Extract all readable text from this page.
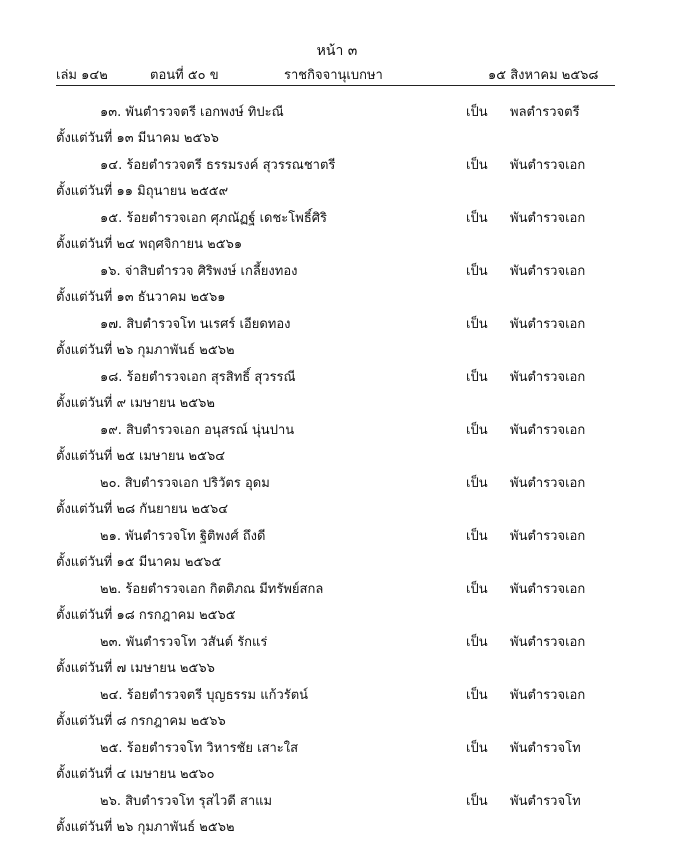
หน้า ๓
เล่ม ๑๔๒	ตอนที่ ๕๐ ข	ราชกิจจานุเบกษา	๑๕ สิงหาคม ๒๕๖๘
๑๓. พันตำรวจตรี เอกพงษ์ ทิปะณี	เป็น พลตำรวจตรี
ตั้งแต่วันที่ ๑๓ มีนาคม ๒๕๖๖
๑๔. ร้อยตำรวจตรี ธรรมรงค์ สุวรรณชาตรี	เป็น พันตำรวจเอก
ตั้งแต่วันที่ ๑๑ มิถุนายน ๒๕๕๙
๑๕. ร้อยตำรวจเอก ศุภณัฏฐ์ เดชะโพธิ์ศิริ	เป็น พันตำรวจเอก
ตั้งแต่วันที่ ๒๔ พฤศจิกายน ๒๕๖๑
๑๖. จ่าสิบตำรวจ ศิริพงษ์ เกลี้ยงทอง	เป็น พันตำรวจเอก
ตั้งแต่วันที่ ๑๓ ธันวาคม ๒๕๖๑
๑๗. สิบตำรวจโท นเรศร์ เอียดทอง	เป็น พันตำรวจเอก
ตั้งแต่วันที่ ๒๖ กุมภาพันธ์ ๒๕๖๒
๑๘. ร้อยตำรวจเอก สุรสิทธิ์ สุวรรณี	เป็น พันตำรวจเอก
ตั้งแต่วันที่ ๙ เมษายน ๒๕๖๒
๑๙. สิบตำรวจเอก อนุสรณ์ นุ่นปาน	เป็น พันตำรวจเอก
ตั้งแต่วันที่ ๒๕ เมษายน ๒๕๖๔
๒๐. สิบตำรวจเอก ปริวัตร อุดม	เป็น พันตำรวจเอก
ตั้งแต่วันที่ ๒๘ กันยายน ๒๕๖๔
๒๑. พันตำรวจโท ฐิติพงศ์ ถึงดี	เป็น พันตำรวจเอก
ตั้งแต่วันที่ ๑๕ มีนาคม ๒๕๖๕
๒๒. ร้อยตำรวจเอก กิตติภณ มีทรัพย์สกล	เป็น พันตำรวจเอก
ตั้งแต่วันที่ ๑๘ กรกฎาคม ๒๕๖๕
๒๓. พันตำรวจโท วสันต์ รักแร่	เป็น พันตำรวจเอก
ตั้งแต่วันที่ ๗ เมษายน ๒๕๖๖
๒๔. ร้อยตำรวจตรี บุญธรรม แก้วรัตน์	เป็น พันตำรวจเอก
ตั้งแต่วันที่ ๘ กรกฎาคม ๒๕๖๖
๒๕. ร้อยตำรวจโท วิหารชัย เสาะใส	เป็น พันตำรวจโท
ตั้งแต่วันที่ ๔ เมษายน ๒๕๖๐
๒๖. สิบตำรวจโท รุสไวดี สาแม	เป็น พันตำรวจโท
ตั้งแต่วันที่ ๒๖ กุมภาพันธ์ ๒๕๖๒
